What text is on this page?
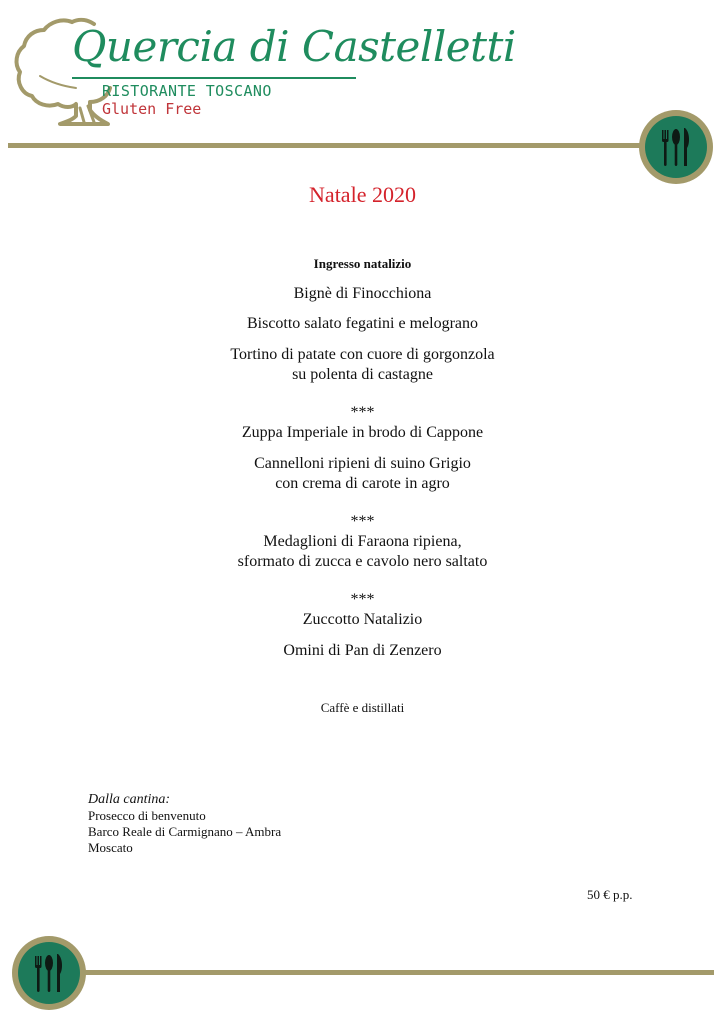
Quercia di Castelletti
RISTORANTE TOSCANO
Gluten Free
Natale 2020
Ingresso natalizio
Bignè di Finocchiona
Biscotto salato fegatini e melograno
Tortino di patate con cuore di gorgonzola
su polenta di castagne
***
Zuppa Imperiale in brodo di Cappone
Cannelloni ripieni di suino Grigio
con crema di carote in agro
***
Medaglioni di Faraona ripiena,
sformato di zucca e cavolo nero saltato
***
Zuccotto Natalizio
Omini di Pan di Zenzero
Caffè e distillati
Dalla cantina:
Prosecco di benvenuto
Barco Reale di Carmignano – Ambra
Moscato
50 € p.p.
